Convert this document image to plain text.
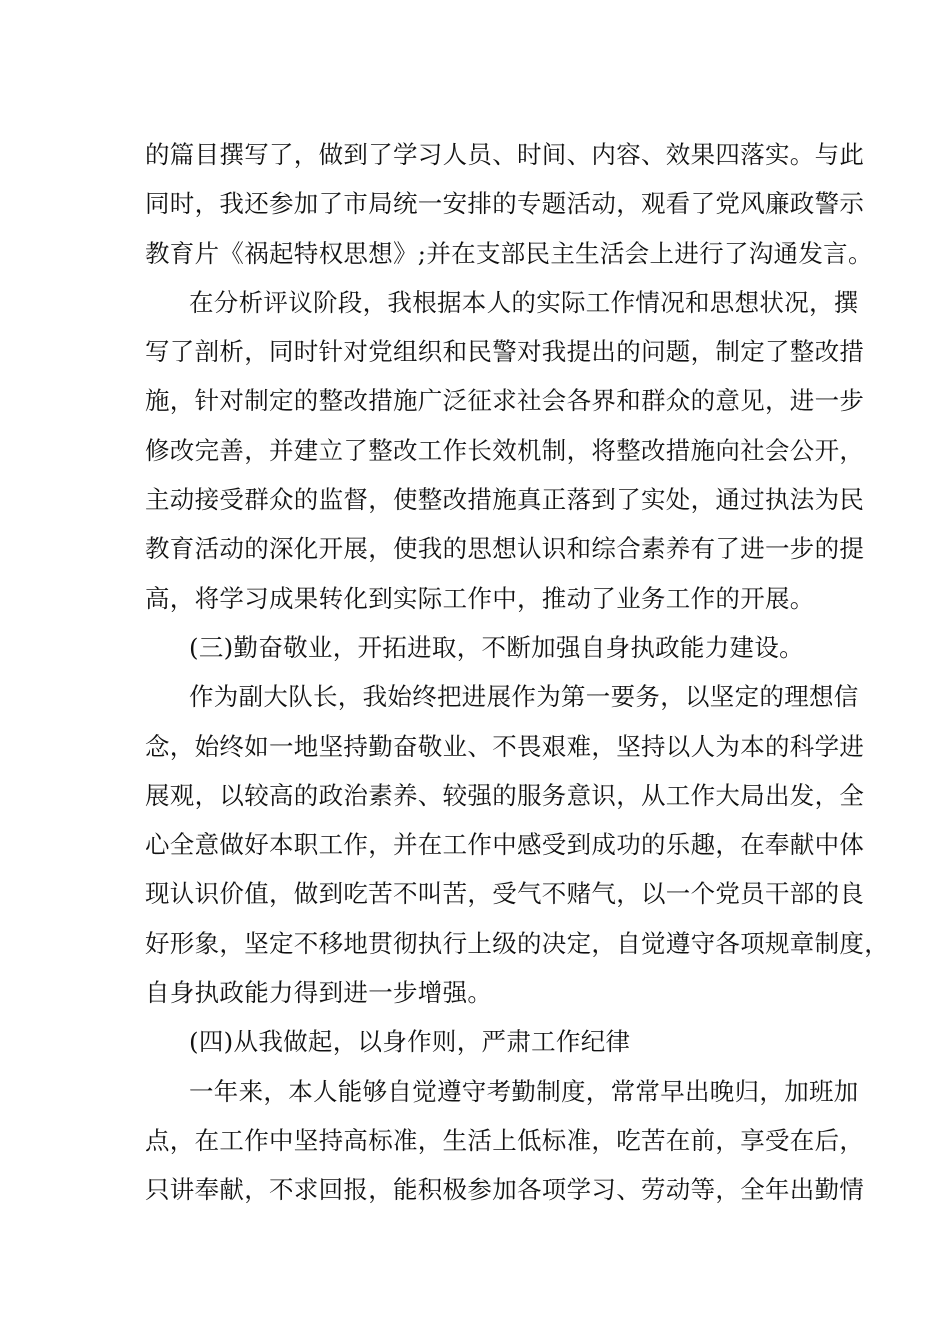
的篇目撰写了，做到了学习人员、时间、内容、效果四落实。与此
同时，我还参加了市局统一安排的专题活动，观看了党风廉政警示
教育片《祸起特权思想》;并在支部民主生活会上进行了沟通发言。
在分析评议阶段，我根据本人的实际工作情况和思想状况，撰
写了剖析，同时针对党组织和民警对我提出的问题，制定了整改措
施，针对制定的整改措施广泛征求社会各界和群众的意见，进一步
修改完善，并建立了整改工作长效机制，将整改措施向社会公开，
主动接受群众的监督，使整改措施真正落到了实处，通过执法为民
教育活动的深化开展，使我的思想认识和综合素养有了进一步的提
高，将学习成果转化到实际工作中，推动了业务工作的开展。
(三)勤奋敬业，开拓进取，不断加强自身执政能力建设。
作为副大队长，我始终把进展作为第一要务，以坚定的理想信
念，始终如一地坚持勤奋敬业、不畏艰难，坚持以人为本的科学进
展观，以较高的政治素养、较强的服务意识，从工作大局出发，全
心全意做好本职工作，并在工作中感受到成功的乐趣，在奉献中体
现认识价值，做到吃苦不叫苦，受气不赌气，以一个党员干部的良
好形象，坚定不移地贯彻执行上级的决定，自觉遵守各项规章制度，
自身执政能力得到进一步增强。
(四)从我做起，以身作则，严肃工作纪律
一年来，本人能够自觉遵守考勤制度，常常早出晚归，加班加
点，在工作中坚持高标准，生活上低标准，吃苦在前，享受在后，
只讲奉献，不求回报，能积极参加各项学习、劳动等，全年出勤情
